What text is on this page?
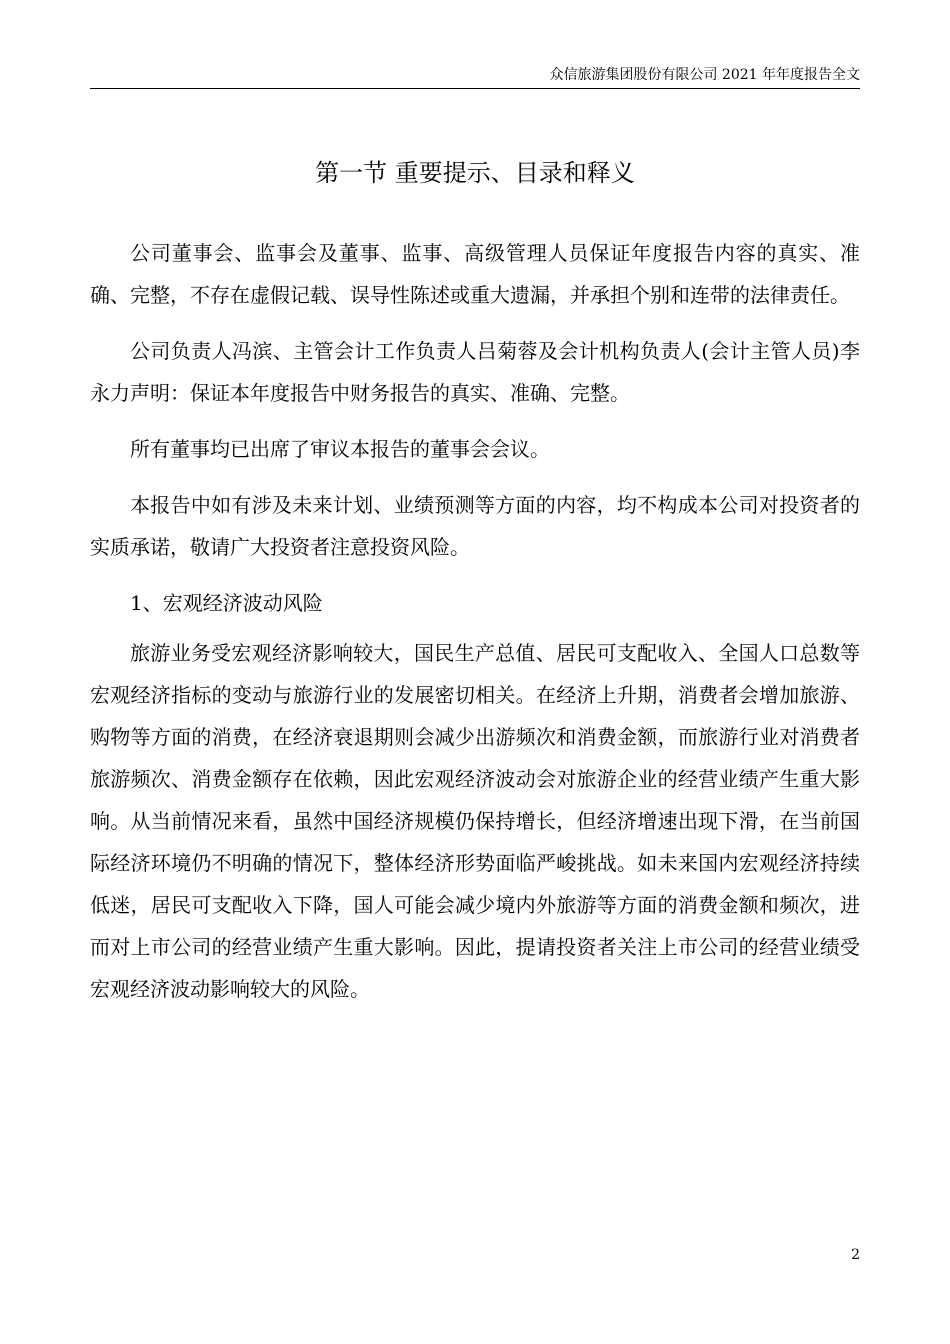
众信旅游集团股份有限公司 2021 年年度报告全文
第一节 重要提示、目录和释义

公司董事会、监事会及董事、监事、高级管理人员保证年度报告内容的真实、准确、完整，不存在虚假记载、误导性陈述或重大遗漏，并承担个别和连带的法律责任。

公司负责人冯滨、主管会计工作负责人吕菊蓉及会计机构负责人(会计主管人员)李永力声明：保证本年度报告中财务报告的真实、准确、完整。

所有董事均已出席了审议本报告的董事会会议。

本报告中如有涉及未来计划、业绩预测等方面的内容，均不构成本公司对投资者的实质承诺，敬请广大投资者注意投资风险。

1、宏观经济波动风险

旅游业务受宏观经济影响较大，国民生产总值、居民可支配收入、全国人口总数等宏观经济指标的变动与旅游行业的发展密切相关。在经济上升期，消费者会增加旅游、购物等方面的消费，在经济衰退期则会减少出游频次和消费金额，而旅游行业对消费者旅游频次、消费金额存在依赖，因此宏观经济波动会对旅游企业的经营业绩产生重大影响。从当前情况来看，虽然中国经济规模仍保持增长，但经济增速出现下滑，在当前国际经济环境仍不明确的情况下，整体经济形势面临严峻挑战。如未来国内宏观经济持续低迷，居民可支配收入下降，国人可能会减少境内外旅游等方面的消费金额和频次，进而对上市公司的经营业绩产生重大影响。因此，提请投资者关注上市公司的经营业绩受宏观经济波动影响较大的风险。

2
